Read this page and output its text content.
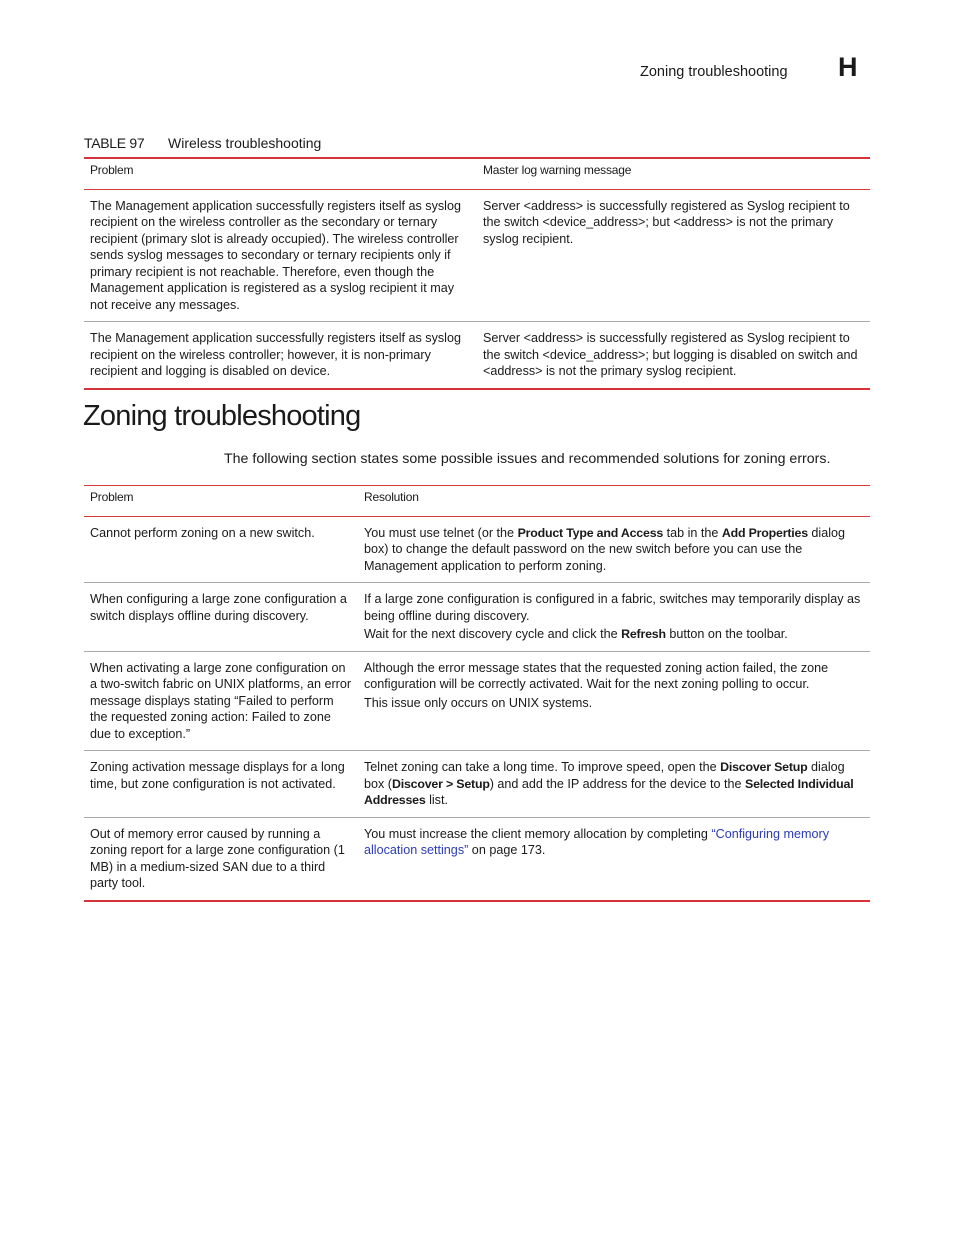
Zoning troubleshooting H
TABLE 97 Wireless troubleshooting
Problem	Master log warning message
The Management application successfully registers itself as syslog recipient on the wireless controller as the secondary or ternary recipient (primary slot is already occupied). The wireless controller sends syslog messages to secondary or ternary recipients only if primary recipient is not reachable. Therefore, even though the Management application is registered as a syslog recipient it may not receive any messages.	Server <address> is successfully registered as Syslog recipient to the switch <device_address>; but <address> is not the primary syslog recipient.
The Management application successfully registers itself as syslog recipient on the wireless controller; however, it is non-primary recipient and logging is disabled on device.	Server <address> is successfully registered as Syslog recipient to the switch <device_address>; but logging is disabled on switch and <address> is not the primary syslog recipient.
Zoning troubleshooting
The following section states some possible issues and recommended solutions for zoning errors.
Problem	Resolution
Cannot perform zoning on a new switch.	You must use telnet (or the Product Type and Access tab in the Add Properties dialog box) to change the default password on the new switch before you can use the Management application to perform zoning.
When configuring a large zone configuration a switch displays offline during discovery.	If a large zone configuration is configured in a fabric, switches may temporarily display as being offline during discovery.
Wait for the next discovery cycle and click the Refresh button on the toolbar.

When activating a large zone configuration on a two-switch fabric on UNIX platforms, an error message displays stating “Failed to perform the requested zoning action: Failed to zone due to exception.”	Although the error message states that the requested zoning action failed, the zone configuration will be correctly activated. Wait for the next zoning polling to occur.
This issue only occurs on UNIX systems.

Zoning activation message displays for a long time, but zone configuration is not activated.	Telnet zoning can take a long time. To improve speed, open the Discover Setup dialog box (Discover > Setup) and add the IP address for the device to the Selected Individual Addresses list.
Out of memory error caused by running a zoning report for a large zone configuration (1 MB) in a medium-sized SAN due to a third party tool.	You must increase the client memory allocation by completing “Configuring memory allocation settings” on page 173.
